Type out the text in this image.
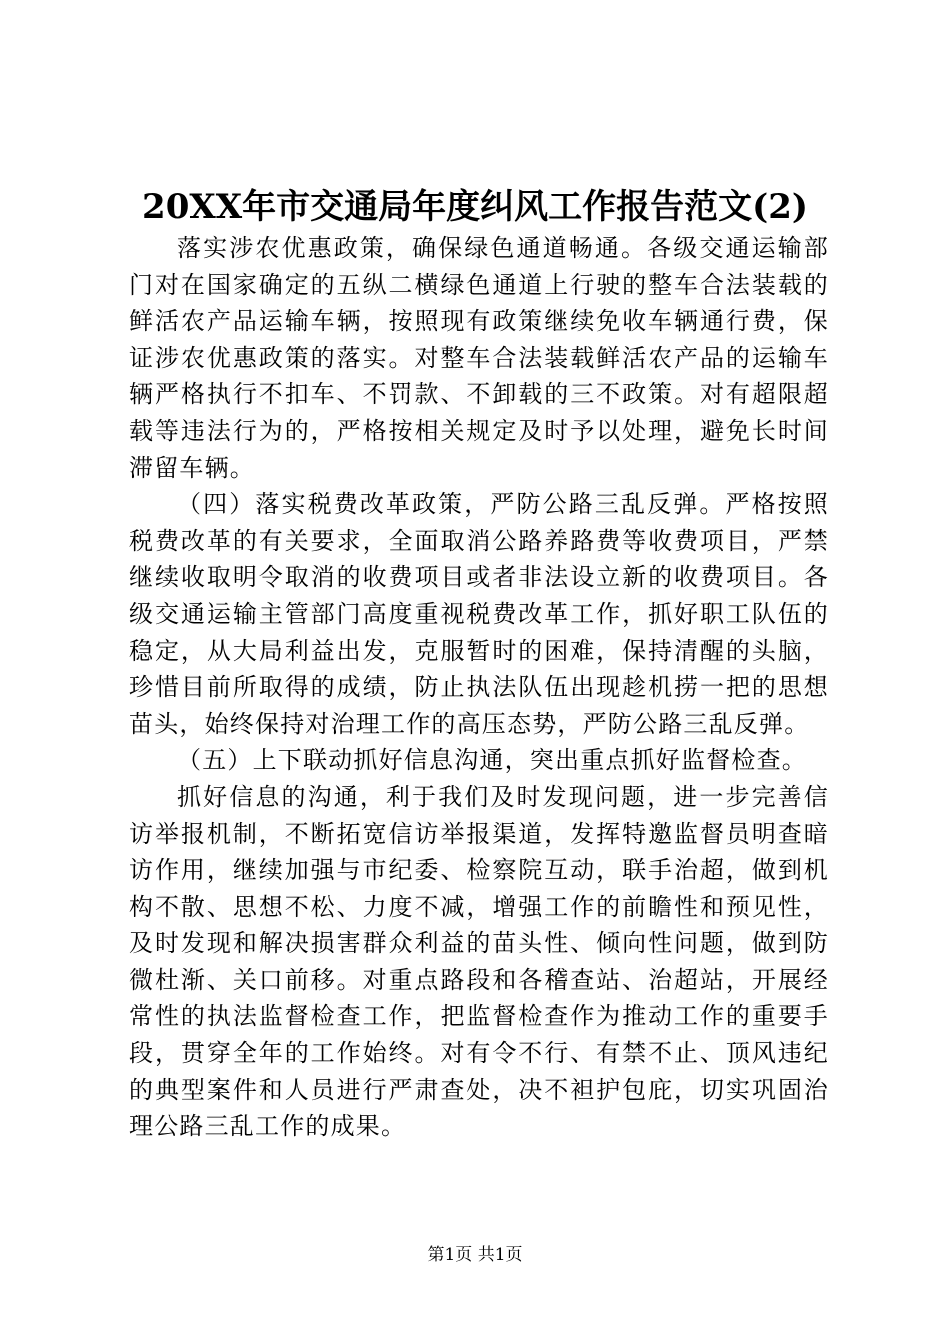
20XX年市交通局年度纠风工作报告范文(2)

落实涉农优惠政策，确保绿色通道畅通。各级交通运输部门对在国家确定的五纵二横绿色通道上行驶的整车合法装载的鲜活农产品运输车辆，按照现有政策继续免收车辆通行费，保证涉农优惠政策的落实。对整车合法装载鲜活农产品的运输车辆严格执行不扣车、不罚款、不卸载的三不政策。对有超限超载等违法行为的，严格按相关规定及时予以处理，避免长时间滞留车辆。

（四）落实税费改革政策，严防公路三乱反弹。严格按照税费改革的有关要求，全面取消公路养路费等收费项目，严禁继续收取明令取消的收费项目或者非法设立新的收费项目。各级交通运输主管部门高度重视税费改革工作，抓好职工队伍的稳定，从大局利益出发，克服暂时的困难，保持清醒的头脑，珍惜目前所取得的成绩，防止执法队伍出现趁机捞一把的思想苗头，始终保持对治理工作的高压态势，严防公路三乱反弹。

（五）上下联动抓好信息沟通，突出重点抓好监督检查。

抓好信息的沟通，利于我们及时发现问题，进一步完善信访举报机制，不断拓宽信访举报渠道，发挥特邀监督员明查暗访作用，继续加强与市纪委、检察院互动，联手治超，做到机构不散、思想不松、力度不减，增强工作的前瞻性和预见性，及时发现和解决损害群众利益的苗头性、倾向性问题，做到防微杜渐、关口前移。对重点路段和各稽查站、治超站，开展经常性的执法监督检查工作，把监督检查作为推动工作的重要手段，贯穿全年的工作始终。对有令不行、有禁不止、顶风违纪的典型案件和人员进行严肃查处，决不袒护包庇，切实巩固治理公路三乱工作的成果。

第1页 共1页
